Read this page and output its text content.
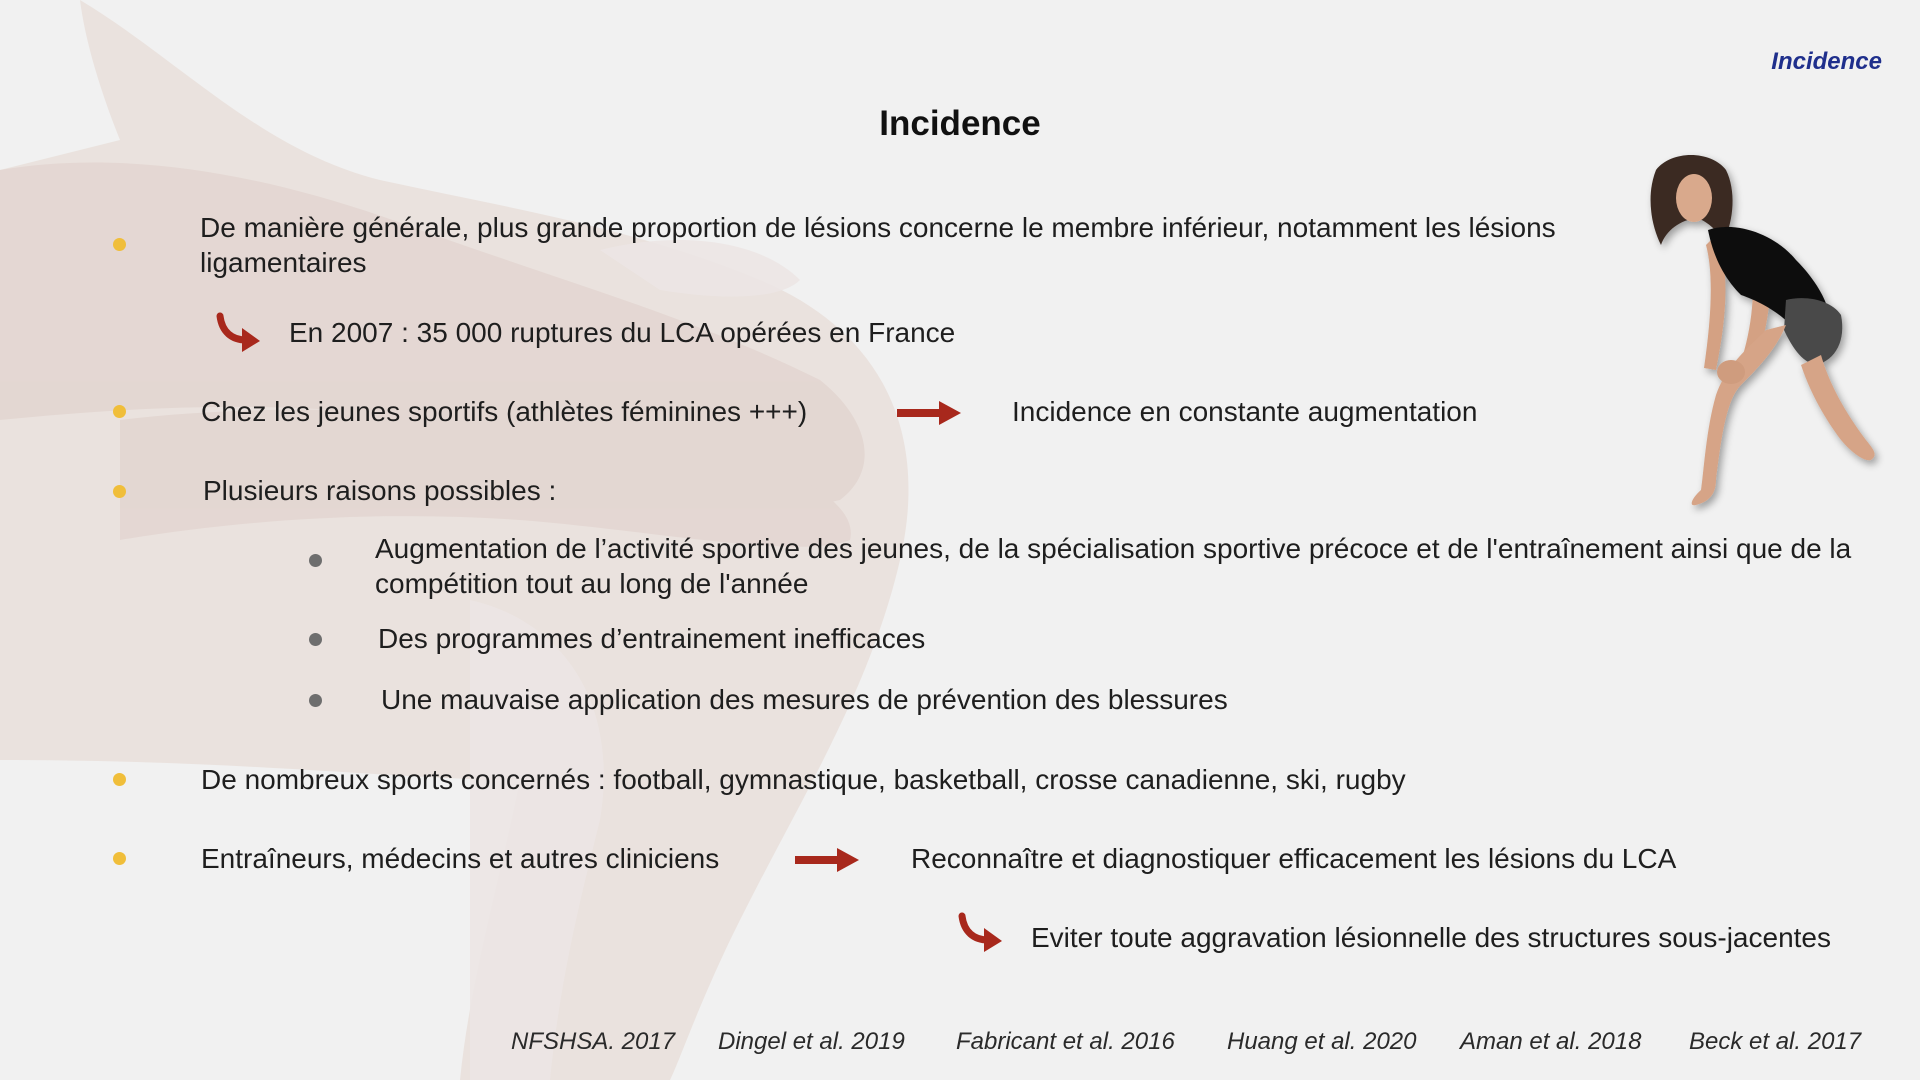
Incidence
Incidence
De manière générale, plus grande proportion de lésions concerne le membre inférieur, notamment les lésions ligamentaires
En 2007 : 35 000 ruptures du LCA opérées en France
Chez les jeunes sportifs (athlètes féminines +++)	Incidence en constante augmentation
Plusieurs raisons possibles :
Augmentation de l’activité sportive des jeunes, de la spécialisation sportive précoce et de l'entraînement ainsi que de la compétition tout au long de l'année
Des programmes d’entrainement inefficaces
Une mauvaise application des mesures de prévention des blessures
De nombreux sports concernés : football, gymnastique, basketball, crosse canadienne, ski, rugby
Entraîneurs, médecins et autres cliniciens	Reconnaître et diagnostiquer efficacement les lésions du LCA
Eviter toute aggravation lésionnelle des structures sous-jacentes
NFSHSA. 2017 Dingel et al. 2019 Fabricant et al. 2016 Huang et al. 2020 Aman et al. 2018 Beck et al. 2017
